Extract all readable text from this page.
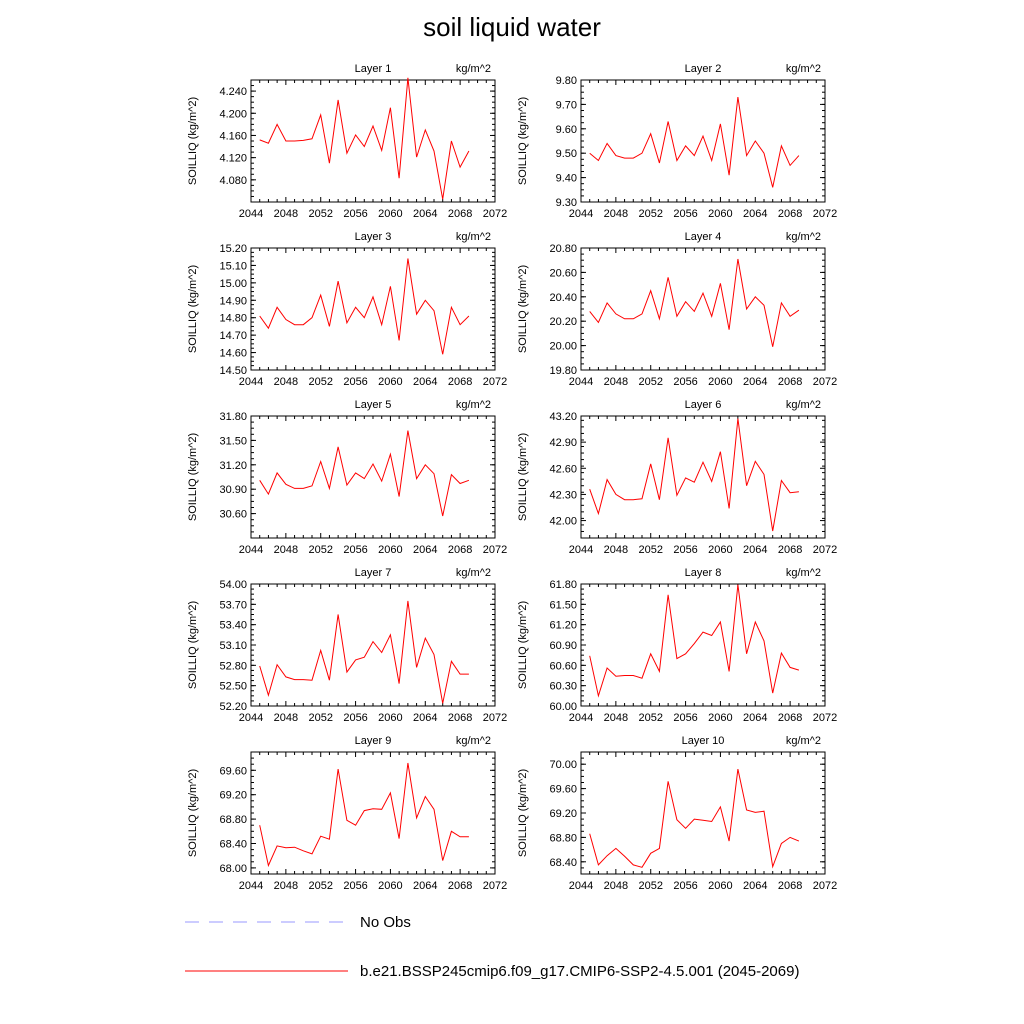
soil liquid water
2044 2048 2052 2056 2060 2064 2068 2072
4.080
4.120
4.160
4.200
4.240
Layer 1	kg/m^2
SOILLIQ (kg/m^2)
2044 2048 2052 2056 2060 2064 2068 2072
9.30
9.40
9.50
9.60
9.70
9.80
Layer 2	kg/m^2
SOILLIQ (kg/m^2)
2044 2048 2052 2056 2060 2064 2068 2072
14.50
14.60
14.70
14.80
14.90
15.00
15.10
15.20
Layer 3	kg/m^2
SOILLIQ (kg/m^2)
2044 2048 2052 2056 2060 2064 2068 2072
19.80
20.00
20.20
20.40
20.60
20.80
Layer 4	kg/m^2
SOILLIQ (kg/m^2)
2044 2048 2052 2056 2060 2064 2068 2072
30.60
30.90
31.20
31.50
31.80
Layer 5	kg/m^2
SOILLIQ (kg/m^2)
2044 2048 2052 2056 2060 2064 2068 2072
42.00
42.30
42.60
42.90
43.20
Layer 6	kg/m^2
SOILLIQ (kg/m^2)
2044 2048 2052 2056 2060 2064 2068 2072
52.20
52.50
52.80
53.10
53.40
53.70
54.00
Layer 7	kg/m^2
SOILLIQ (kg/m^2)
2044 2048 2052 2056 2060 2064 2068 2072
60.00
60.30
60.60
60.90
61.20
61.50
61.80
Layer 8	kg/m^2
SOILLIQ (kg/m^2)
2044 2048 2052 2056 2060 2064 2068 2072
68.00
68.40
68.80
69.20
69.60
Layer 9	kg/m^2
SOILLIQ (kg/m^2)
2044 2048 2052 2056 2060 2064 2068 2072
68.40
68.80
69.20
69.60
70.00
Layer 10	kg/m^2
SOILLIQ (kg/m^2)
No Obs
b.e21.BSSP245cmip6.f09_g17.CMIP6-SSP2-4.5.001 (2045-2069)
